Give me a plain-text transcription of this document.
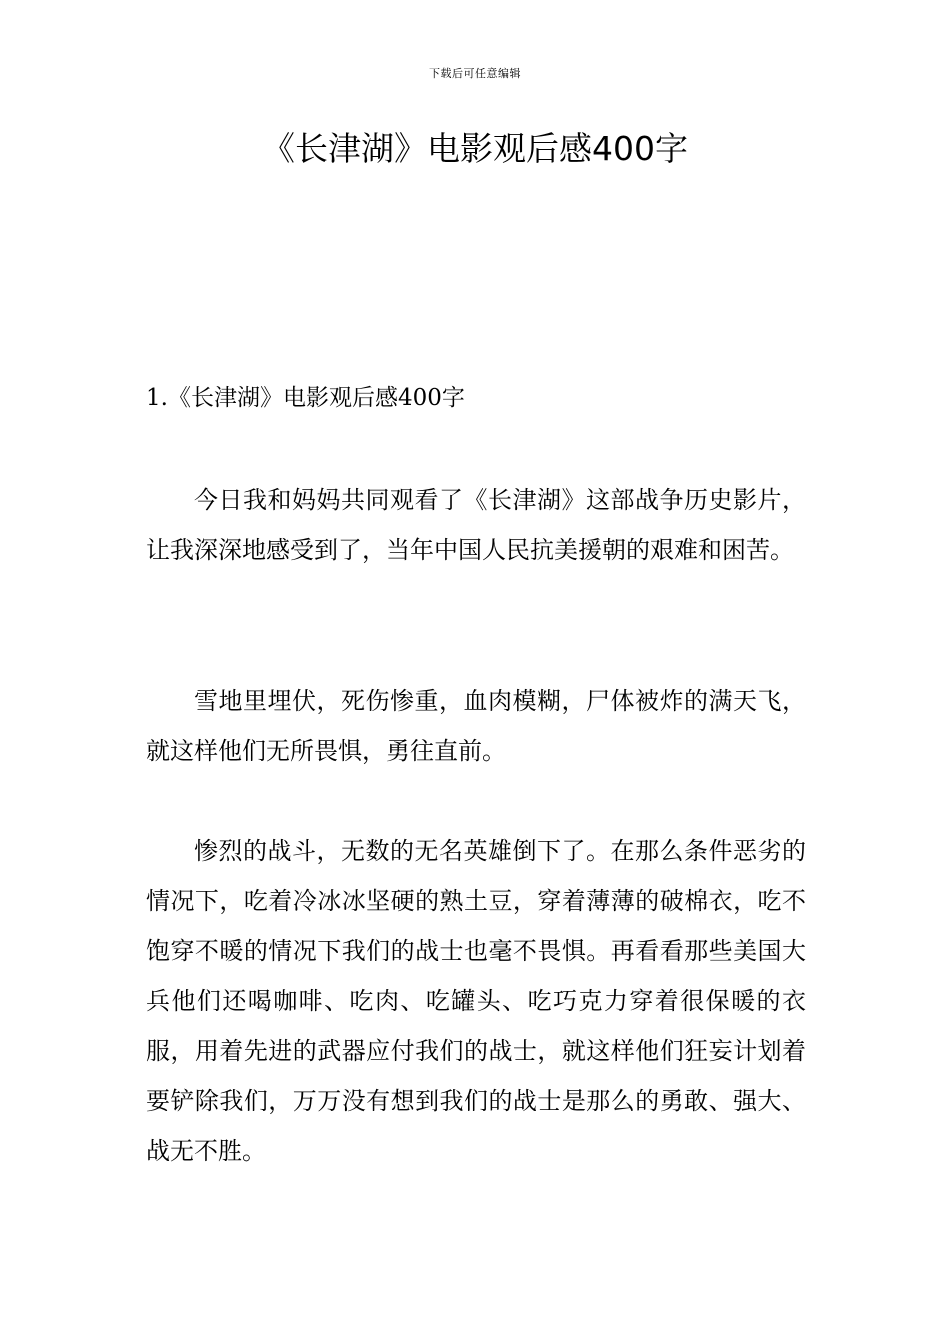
下载后可任意编辑
《长津湖》电影观后感400字
1.《长津湖》电影观后感400字

今日我和妈妈共同观看了《长津湖》这部战争历史影片，让我深深地感受到了，当年中国人民抗美援朝的艰难和困苦。

雪地里埋伏，死伤惨重，血肉模糊，尸体被炸的满天飞，就这样他们无所畏惧，勇往直前。

惨烈的战斗，无数的无名英雄倒下了。在那么条件恶劣的情况下，吃着冷冰冰坚硬的熟土豆，穿着薄薄的破棉衣，吃不饱穿不暖的情况下我们的战士也毫不畏惧。再看看那些美国大兵他们还喝咖啡、吃肉、吃罐头、吃巧克力穿着很保暖的衣服，用着先进的武器应付我们的战士，就这样他们狂妄计划着要铲除我们，万万没有想到我们的战士是那么的勇敢、强大、战无不胜。
